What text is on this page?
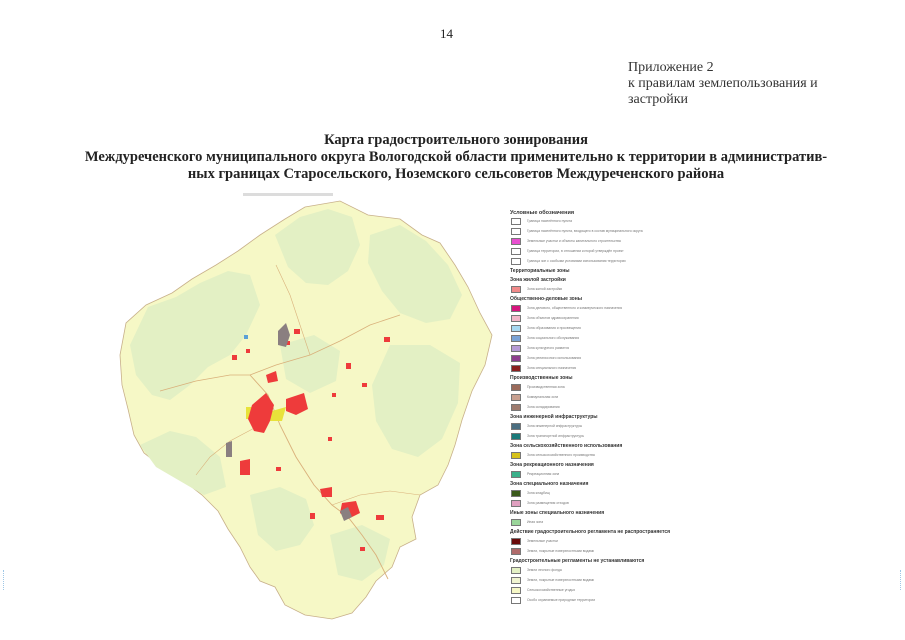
14
Приложение 2
к правилам землепользования и
застройки
Карта градостроительного зонирования
Междуреченского муниципального округа Вологодской области применительно к территории в административ-
ных границах Старосельского, Ноземского сельсоветов Междуреченского района
Условные обозначения
Граница населённого пункта
Граница населённого пункта, входящего в состав муниципального округа
Земельные участки и объекты капитального строительства
Граница территории, в отношении которой утверждён проект
Граница зон с особыми условиями использования территории
Территориальные зоны
Зона жилой застройки
Зона жилой застройки
Общественно-деловые зоны
Зона делового, общественного и коммерческого назначения
Зона объектов здравоохранения
Зона образования и просвещения
Зона социального обслуживания
Зона культурного развития
Зона религиозного использования
Зона специального назначения
Производственные зоны
Производственная зона
Коммунальная зона
Зона складирования
Зона инженерной инфраструктуры
Зона инженерной инфраструктуры
Зона транспортной инфраструктуры
Зона сельскохозяйственного использования
Зона сельскохозяйственного производства
Зона рекреационного назначения
Рекреационная зона
Зона специального назначения
Зона кладбищ
Зона размещения отходов
Иные зоны специального назначения
Иная зона
Действие градостроительного регламента не распространяется
Земельные участки
Земли, покрытые поверхностными водами
Градостроительные регламенты не устанавливаются
Земли лесного фонда
Земли, покрытые поверхностными водами
Сельскохозяйственные угодья
Особо охраняемые природные территории
